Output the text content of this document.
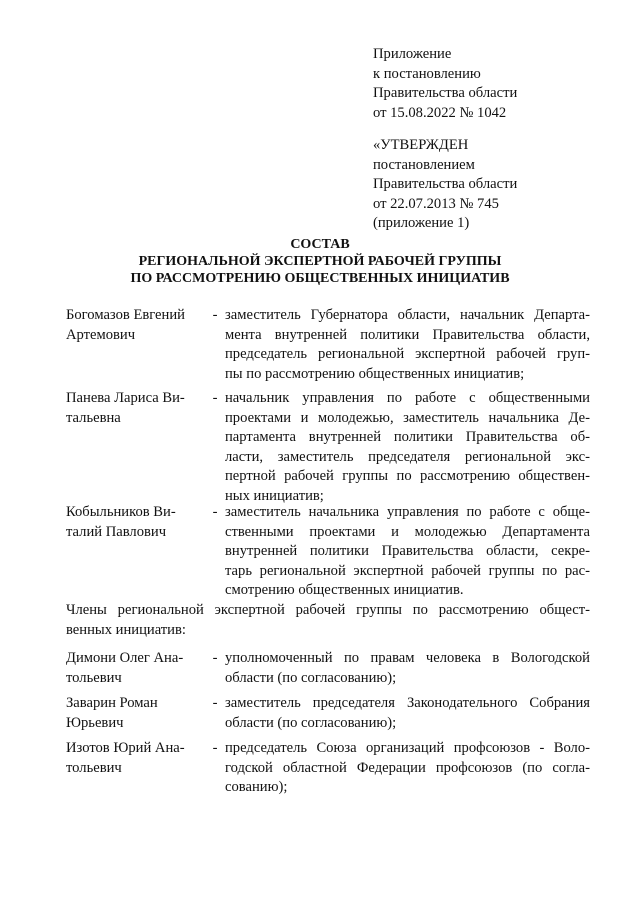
Приложение
к постановлению
Правительства области
от 15.08.2022 № 1042
«УТВЕРЖДЕН
постановлением
Правительства области
от 22.07.2013 № 745
(приложение 1)
СОСТАВ
РЕГИОНАЛЬНОЙ ЭКСПЕРТНОЙ РАБОЧЕЙ ГРУППЫ
ПО РАССМОТРЕНИЮ ОБЩЕСТВЕННЫХ ИНИЦИАТИВ
Богомазов Евгений
Артемович
- заместитель Губернатора области, начальник Департа-
мента внутренней политики Правительства области,
председатель региональной экспертной рабочей груп-
пы по рассмотрению общественных инициатив;
Панева Лариса Ви-
тальевна
- начальник управления по работе с общественными
проектами и молодежью, заместитель начальника Де-
партамента внутренней политики Правительства об-
ласти, заместитель председателя региональной экс-
пертной рабочей группы по рассмотрению обществен-
ных инициатив;
Кобыльников Ви-
талий Павлович
- заместитель начальника управления по работе с обще-
ственными проектами и молодежью Департамента
внутренней политики Правительства области, секре-
тарь региональной экспертной рабочей группы по рас-
смотрению общественных инициатив.
Члены региональной экспертной рабочей группы по рассмотрению общест-
венных инициатив:
Димони Олег Ана-
тольевич
- уполномоченный по правам человека в Вологодской
области (по согласованию);
Заварин Роман
Юрьевич
- заместитель председателя Законодательного Собрания
области (по согласованию);
Изотов Юрий Ана-
тольевич
- председатель Союза организаций профсоюзов - Воло-
годской областной Федерации профсоюзов (по согла-
сованию);
